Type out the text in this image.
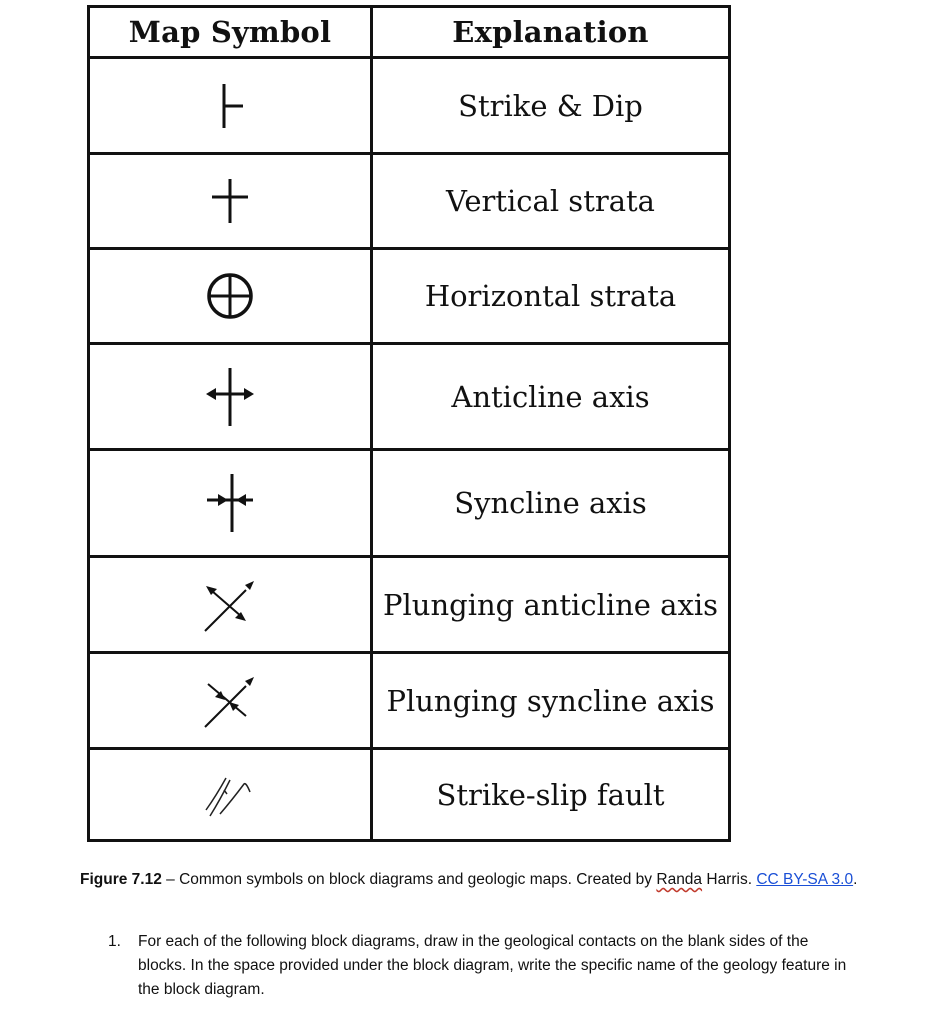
Map Symbol	Explanation

	Strike & Dip

	Vertical strata

	Horizontal strata

	Anticline axis

	Syncline axis

	Plunging anticline axis

	Plunging syncline axis

	Strike-slip fault
Figure 7.12 – Common symbols on block diagrams and geologic maps. Created by Randa Harris. CC BY-SA 3.0.
1.	For each of the following block diagrams, draw in the geological contacts on the blank sides of the blocks. In the space provided under the block diagram, write the specific name of the geology feature in the block diagram.
